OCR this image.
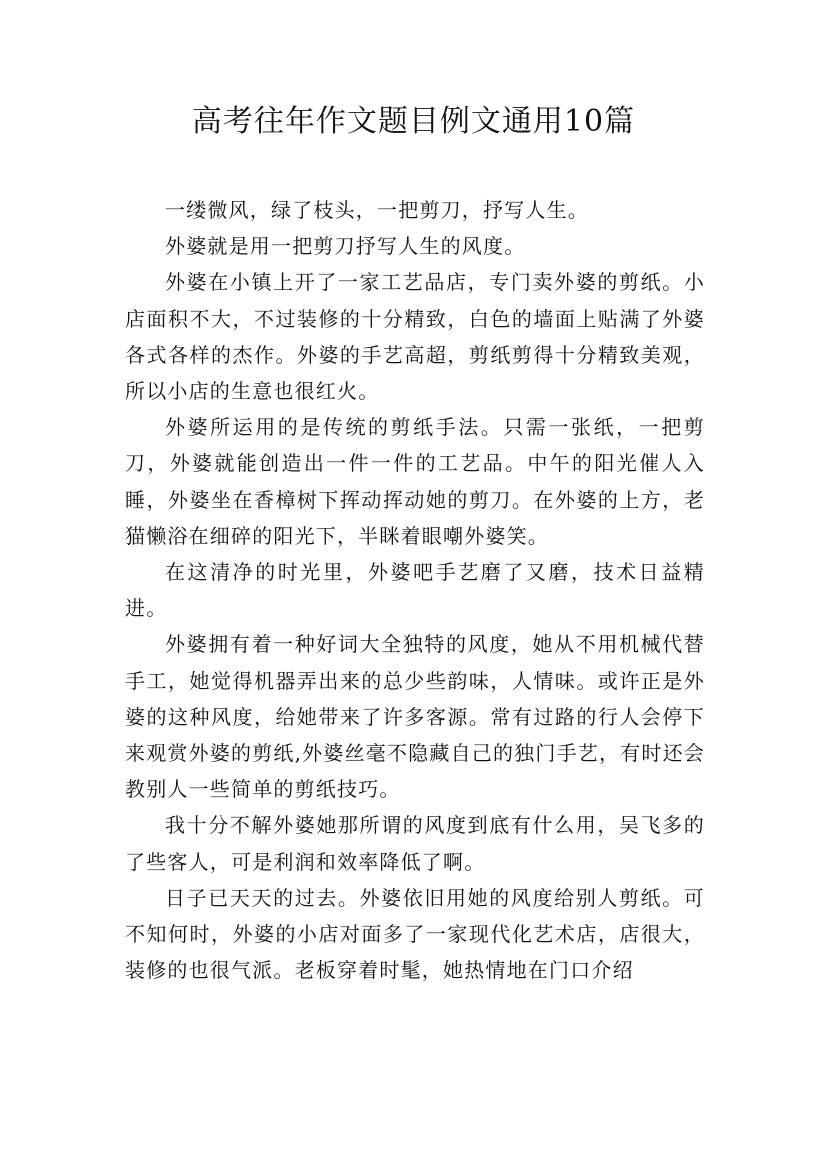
高考往年作文题目例文通用10篇

一缕微风，绿了枝头，一把剪刀，抒写人生。

外婆就是用一把剪刀抒写人生的风度。

外婆在小镇上开了一家工艺品店，专门卖外婆的剪纸。小店面积不大，不过装修的十分精致，白色的墙面上贴满了外婆各式各样的杰作。外婆的手艺高超，剪纸剪得十分精致美观，所以小店的生意也很红火。

外婆所运用的是传统的剪纸手法。只需一张纸，一把剪刀，外婆就能创造出一件一件的工艺品。中午的阳光催人入睡，外婆坐在香樟树下挥动挥动她的剪刀。在外婆的上方，老猫懒浴在细碎的阳光下，半眯着眼嘲外婆笑。

在这清净的时光里，外婆吧手艺磨了又磨，技术日益精进。

外婆拥有着一种好词大全独特的风度，她从不用机械代替手工，她觉得机器弄出来的总少些韵味，人情味。或许正是外婆的这种风度，给她带来了许多客源。常有过路的行人会停下来观赏外婆的剪纸,外婆丝毫不隐藏自己的独门手艺，有时还会教别人一些简单的剪纸技巧。

我十分不解外婆她那所谓的风度到底有什么用，吴飞多的了些客人，可是利润和效率降低了啊。

日子已天天的过去。外婆依旧用她的风度给别人剪纸。可不知何时，外婆的小店对面多了一家现代化艺术店，店很大，装修的也很气派。老板穿着时髦，她热情地在门口介绍
